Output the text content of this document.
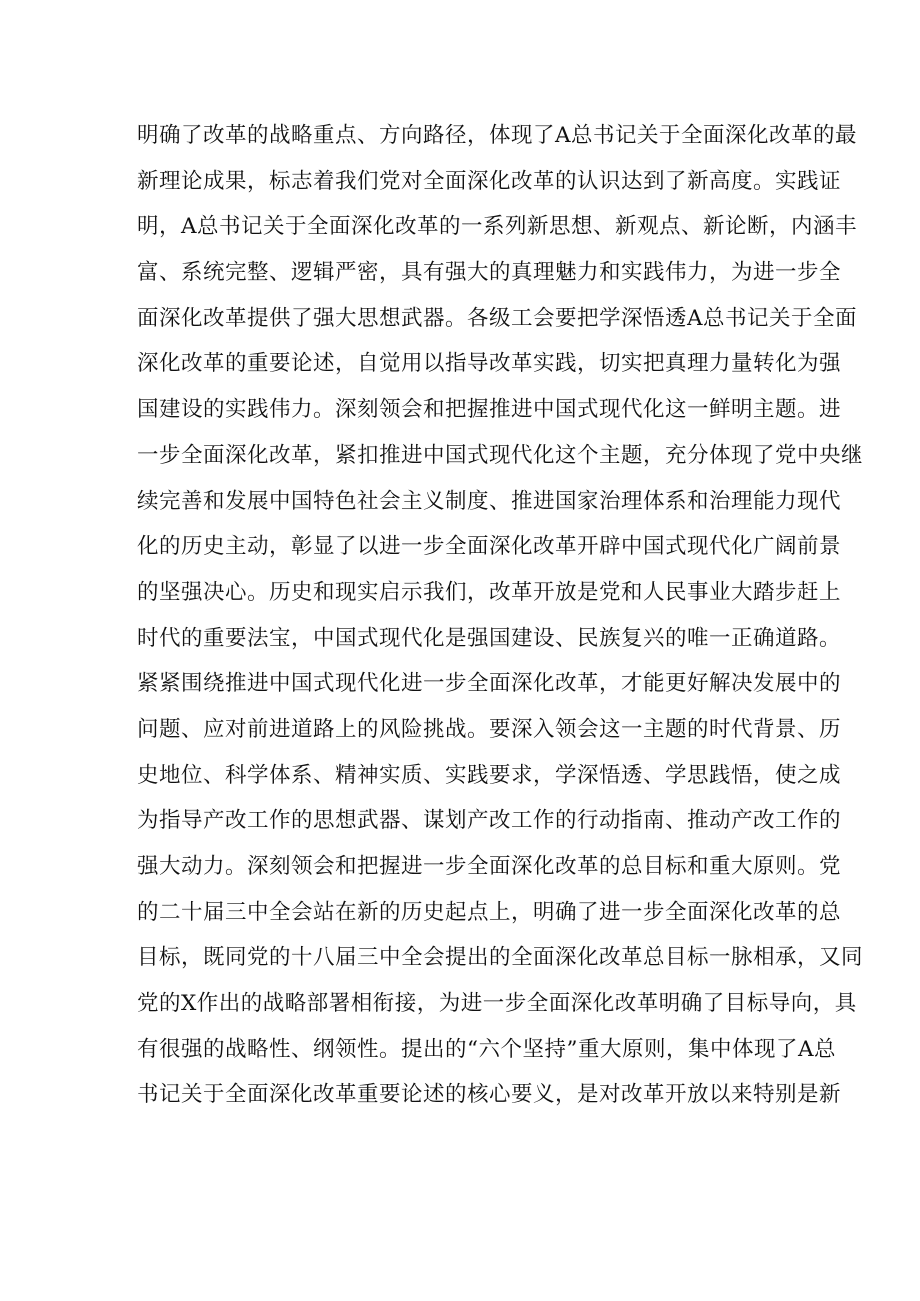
明确了改革的战略重点、方向路径，体现了A总书记关于全面深化改革的最
新理论成果，标志着我们党对全面深化改革的认识达到了新高度。实践证
明，A总书记关于全面深化改革的一系列新思想、新观点、新论断，内涵丰
富、系统完整、逻辑严密，具有强大的真理魅力和实践伟力，为进一步全
面深化改革提供了强大思想武器。各级工会要把学深悟透A总书记关于全面
深化改革的重要论述，自觉用以指导改革实践，切实把真理力量转化为强
国建设的实践伟力。深刻领会和把握推进中国式现代化这一鲜明主题。进
一步全面深化改革，紧扣推进中国式现代化这个主题，充分体现了党中央继
续完善和发展中国特色社会主义制度、推进国家治理体系和治理能力现代
化的历史主动，彰显了以进一步全面深化改革开辟中国式现代化广阔前景
的坚强决心。历史和现实启示我们，改革开放是党和人民事业大踏步赶上
时代的重要法宝，中国式现代化是强国建设、民族复兴的唯一正确道路。
紧紧围绕推进中国式现代化进一步全面深化改革，才能更好解决发展中的
问题、应对前进道路上的风险挑战。要深入领会这一主题的时代背景、历
史地位、科学体系、精神实质、实践要求，学深悟透、学思践悟，使之成
为指导产改工作的思想武器、谋划产改工作的行动指南、推动产改工作的
强大动力。深刻领会和把握进一步全面深化改革的总目标和重大原则。党
的二十届三中全会站在新的历史起点上，明确了进一步全面深化改革的总
目标，既同党的十八届三中全会提出的全面深化改革总目标一脉相承，又同
党的X作出的战略部署相衔接，为进一步全面深化改革明确了目标导向，具
有很强的战略性、纲领性。提出的“六个坚持”重大原则，集中体现了A总
书记关于全面深化改革重要论述的核心要义，是对改革开放以来特别是新
